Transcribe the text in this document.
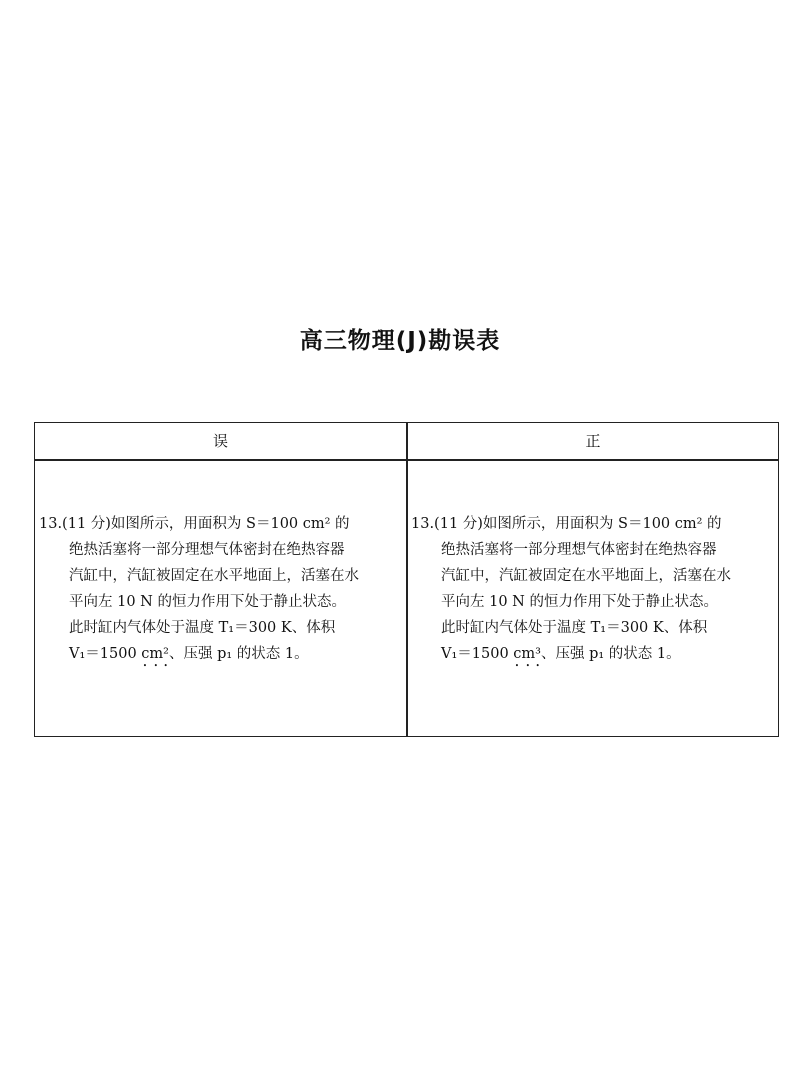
高三物理(J)勘误表
误	正
13.(11 分)如图所示，用面积为 S＝100 cm² 的
绝热活塞将一部分理想气体密封在绝热容器
汽缸中，汽缸被固定在水平地面上，活塞在水
平向左 10 N 的恒力作用下处于静止状态。
此时缸内气体处于温度 T₁＝300 K、体积
V₁＝1500 cm²、压强 p₁ 的状态 1。
13.(11 分)如图所示，用面积为 S＝100 cm² 的
绝热活塞将一部分理想气体密封在绝热容器
汽缸中，汽缸被固定在水平地面上，活塞在水
平向左 10 N 的恒力作用下处于静止状态。
此时缸内气体处于温度 T₁＝300 K、体积
V₁＝1500 cm³、压强 p₁ 的状态 1。
